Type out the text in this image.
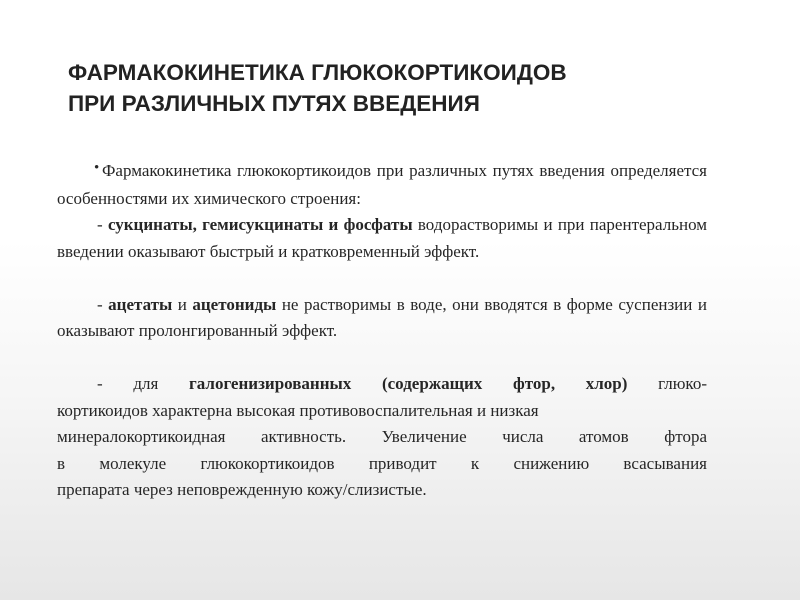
ФАРМАКОКИНЕТИКА ГЛЮКОКОРТИКОИДОВ
ПРИ РАЗЛИЧНЫХ ПУТЯХ ВВЕДЕНИЯ

• Фармакокинетика глюкокортикоидов при различных путях введения определяется особенностями их химического строения:

- сукцинаты, гемисукцинаты и фосфаты водорастворимы и при парентеральном введении оказывают быстрый и кратковременный эффект.

- ацетаты и ацетониды не растворимы в воде, они вводятся в форме суспензии и оказывают пролонгированный эффект.

- для галогенизированных (содержащих фтор, хлор) глюко-
кортикоидов характерна высокая противовоспалительная и низкая
минералокортикоидная активность. Увеличение числа атомов фтора
в молекуле глюкокортикоидов приводит к снижению всасывания
препарата через неповрежденную кожу/слизистые.
